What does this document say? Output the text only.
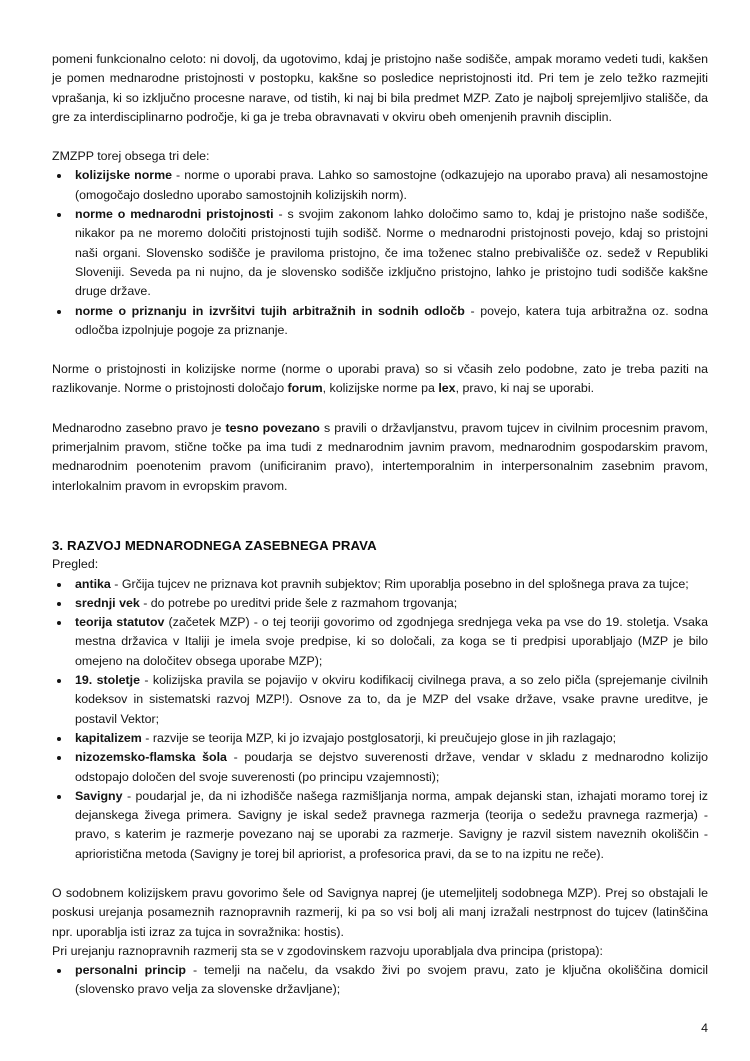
pomeni funkcionalno celoto: ni dovolj, da ugotovimo, kdaj je pristojno naše sodišče, ampak moramo vedeti tudi, kakšen je pomen mednarodne pristojnosti v postopku, kakšne so posledice nepristojnosti itd. Pri tem je zelo težko razmejiti vprašanja, ki so izključno procesne narave, od tistih, ki naj bi bila predmet MZP. Zato je najbolj sprejemljivo stališče, da gre za interdisciplinarno področje, ki ga je treba obravnavati v okviru obeh omenjenih pravnih disciplin.

ZMZPP torej obsega tri dele:

kolizijske norme - norme o uporabi prava. Lahko so samostojne (odkazujejo na uporabo prava) ali nesamostojne (omogočajo dosledno uporabo samostojnih kolizijskih norm).
norme o mednarodni pristojnosti - s svojim zakonom lahko določimo samo to, kdaj je pristojno naše sodišče, nikakor pa ne moremo določiti pristojnosti tujih sodišč. Norme o mednarodni pristojnosti povejo, kdaj so pristojni naši organi. Slovensko sodišče je praviloma pristojno, če ima toženec stalno prebivališče oz. sedež v Republiki Sloveniji. Seveda pa ni nujno, da je slovensko sodišče izključno pristojno, lahko je pristojno tudi sodišče kakšne druge države.
norme o priznanju in izvršitvi tujih arbitražnih in sodnih odločb - povejo, katera tuja arbitražna oz. sodna odločba izpolnjuje pogoje za priznanje.

Norme o pristojnosti in kolizijske norme (norme o uporabi prava) so si včasih zelo podobne, zato je treba paziti na razlikovanje. Norme o pristojnosti določajo forum, kolizijske norme pa lex, pravo, ki naj se uporabi.

Mednarodno zasebno pravo je tesno povezano s pravili o državljanstvu, pravom tujcev in civilnim procesnim pravom, primerjalnim pravom, stične točke pa ima tudi z mednarodnim javnim pravom, mednarodnim gospodarskim pravom, mednarodnim poenotenim pravom (unificiranim pravo), intertemporalnim in interpersonalnim zasebnim pravom, interlokalnim pravom in evropskim pravom.

3. RAZVOJ MEDNARODNEGA ZASEBNEGA PRAVA

Pregled:

antika - Grčija tujcev ne priznava kot pravnih subjektov; Rim uporablja posebno in del splošnega prava za tujce;
srednji vek - do potrebe po ureditvi pride šele z razmahom trgovanja;
teorija statutov (začetek MZP) - o tej teoriji govorimo od zgodnjega srednjega veka pa vse do 19. stoletja. Vsaka mestna državica v Italiji je imela svoje predpise, ki so določali, za koga se ti predpisi uporabljajo (MZP je bilo omejeno na določitev obsega uporabe MZP);
19. stoletje - kolizijska pravila se pojavijo v okviru kodifikacij civilnega prava, a so zelo pičla (sprejemanje civilnih kodeksov in sistematski razvoj MZP!). Osnove za to, da je MZP del vsake države, vsake pravne ureditve, je postavil Vektor;
kapitalizem - razvije se teorija MZP, ki jo izvajajo postglosatorji, ki preučujejo glose in jih razlagajo;
nizozemsko-flamska šola - poudarja se dejstvo suverenosti države, vendar v skladu z mednarodno kolizijo odstopajo določen del svoje suverenosti (po principu vzajemnosti);
Savigny - poudarjal je, da ni izhodišče našega razmišljanja norma, ampak dejanski stan, izhajati moramo torej iz dejanskega živega primera. Savigny je iskal sedež pravnega razmerja (teorija o sedežu pravnega razmerja) - pravo, s katerim je razmerje povezano naj se uporabi za razmerje. Savigny je razvil sistem naveznih okoliščin - aprioristična metoda (Savigny je torej bil apriorist, a profesorica pravi, da se to na izpitu ne reče).

O sodobnem kolizijskem pravu govorimo šele od Savignya naprej (je utemeljitelj sodobnega MZP). Prej so obstajali le poskusi urejanja posameznih raznopravnih razmerij, ki pa so vsi bolj ali manj izražali nestrpnost do tujcev (latinščina npr. uporablja isti izraz za tujca in sovražnika: hostis).

Pri urejanju raznopravnih razmerij sta se v zgodovinskem razvoju uporabljala dva principa (pristopa):

personalni princip - temelji na načelu, da vsakdo živi po svojem pravu, zato je ključna okoliščina domicil (slovensko pravo velja za slovenske državljane);
4
